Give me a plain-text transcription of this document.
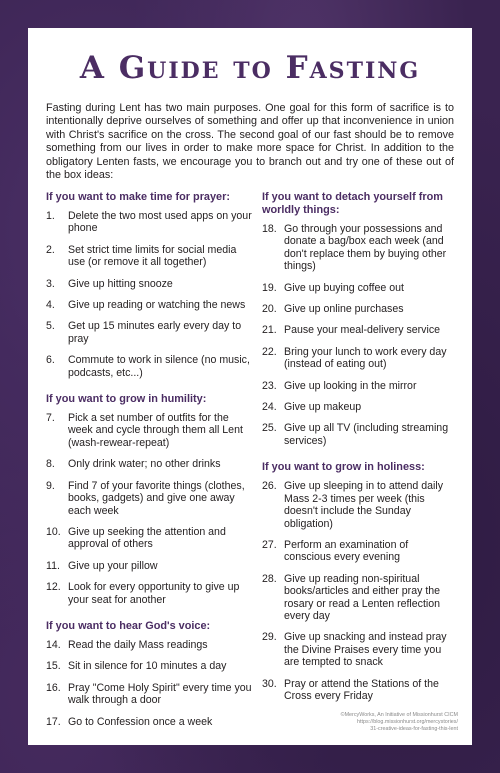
A Guide to Fasting

Fasting during Lent has two main purposes. One goal for this form of sacrifice is to intentionally deprive ourselves of something and offer up that inconvenience in union with Christ's sacrifice on the cross. The second goal of our fast should be to remove something from our lives in order to make more space for Christ. In addition to the obligatory Lenten fasts, we encourage you to branch out and try one of these out of the box ideas:

If you want to make time for prayer:
1.	Delete the two most used apps on your phone
2.	Set strict time limits for social media use (or remove it all together)
3.	Give up hitting snooze
4.	Give up reading or watching the news
5.	Get up 15 minutes early every day to pray
6.	Commute to work in silence (no music, podcasts, etc...)
If you want to grow in humility:
7.	Pick a set number of outfits for the week and cycle through them all Lent (wash-rewear-repeat)
8.	Only drink water; no other drinks
9.	Find 7 of your favorite things (clothes, books, gadgets) and give one away each week
10. Give up seeking the attention and approval of others
11. Give up your pillow
12. Look for every opportunity to give up your seat for another
If you want to hear God's voice:
14. Read the daily Mass readings
15. Sit in silence for 10 minutes a day
16. Pray "Come Holy Spirit" every time you walk through a door
17. Go to Confession once a week
If you want to detach yourself from worldly things:
18. Go through your possessions and donate a bag/box each week (and don't replace them by buying other things)
19. Give up buying coffee out
20. Give up online purchases
21. Pause your meal-delivery service
22. Bring your lunch to work every day (instead of eating out)
23. Give up looking in the mirror
24. Give up makeup
25. Give up all TV (including streaming services)
If you want to grow in holiness:
26. Give up sleeping in to attend daily Mass 2-3 times per week (this doesn't include the Sunday obligation)
27. Perform an examination of conscious every evening
28. Give up reading non-spiritual books/articles and either pray the rosary or read a Lenten reflection every day
29. Give up snacking and instead pray the Divine Praises every time you are tempted to snack
30. Pray or attend the Stations of the Cross every Friday
©MercyWorks, An Initiative of Missionhurst CICM
https://blog.missionhurst.org/mercystories/
31-creative-ideas-for-fasting-this-lent
